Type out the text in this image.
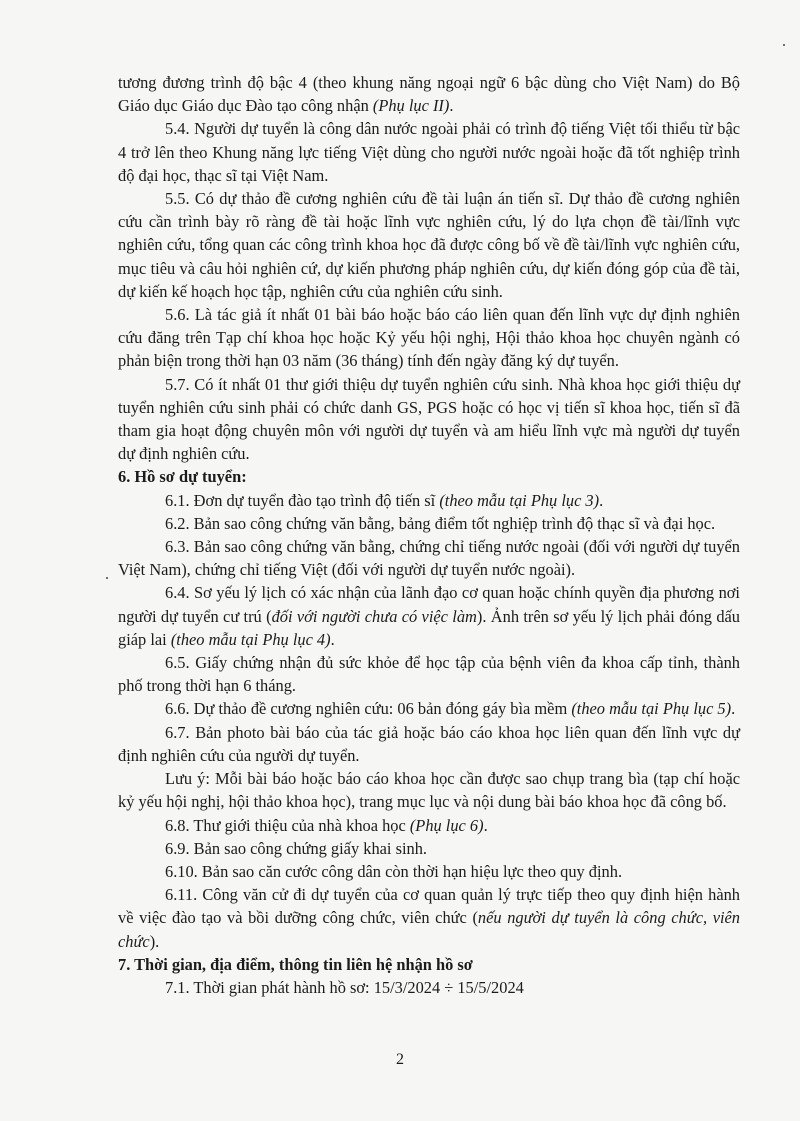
tương đương trình độ bậc 4 (theo khung năng ngoại ngữ 6 bậc dùng cho Việt Nam) do Bộ Giáo dục Giáo dục Đào tạo công nhận (Phụ lục II).

5.4. Người dự tuyển là công dân nước ngoài phải có trình độ tiếng Việt tối thiểu từ bậc 4 trở lên theo Khung năng lực tiếng Việt dùng cho người nước ngoài hoặc đã tốt nghiệp trình độ đại học, thạc sĩ tại Việt Nam.

5.5. Có dự thảo đề cương nghiên cứu đề tài luận án tiến sĩ. Dự thảo đề cương nghiên cứu cần trình bày rõ ràng đề tài hoặc lĩnh vực nghiên cứu, lý do lựa chọn đề tài/lĩnh vực nghiên cứu, tổng quan các công trình khoa học đã được công bố về đề tài/lĩnh vực nghiên cứu, mục tiêu và câu hỏi nghiên cứ, dự kiến phương pháp nghiên cứu, dự kiến đóng góp của đề tài, dự kiến kế hoạch học tập, nghiên cứu của nghiên cứu sinh.

5.6. Là tác giả ít nhất 01 bài báo hoặc báo cáo liên quan đến lĩnh vực dự định nghiên cứu đăng trên Tạp chí khoa học hoặc Kỷ yếu hội nghị, Hội thảo khoa học chuyên ngành có phản biện trong thời hạn 03 năm (36 tháng) tính đến ngày đăng ký dự tuyển.

5.7. Có ít nhất 01 thư giới thiệu dự tuyển nghiên cứu sinh. Nhà khoa học giới thiệu dự tuyển nghiên cứu sinh phải có chức danh GS, PGS hoặc có học vị tiến sĩ khoa học, tiến sĩ đã tham gia hoạt động chuyên môn với người dự tuyển và am hiểu lĩnh vực mà người dự tuyển dự định nghiên cứu.

6. Hồ sơ dự tuyển:

6.1. Đơn dự tuyển đào tạo trình độ tiến sĩ (theo mẫu tại Phụ lục 3).

6.2. Bản sao công chứng văn bằng, bảng điểm tốt nghiệp trình độ thạc sĩ và đại học.

6.3. Bản sao công chứng văn bằng, chứng chỉ tiếng nước ngoài (đối với người dự tuyển Việt Nam), chứng chỉ tiếng Việt (đối với người dự tuyển nước ngoài).

6.4. Sơ yếu lý lịch có xác nhận của lãnh đạo cơ quan hoặc chính quyền địa phương nơi người dự tuyển cư trú (đối với người chưa có việc làm). Ảnh trên sơ yếu lý lịch phải đóng dấu giáp lai (theo mẫu tại Phụ lục 4).

6.5. Giấy chứng nhận đủ sức khỏe để học tập của bệnh viên đa khoa cấp tỉnh, thành phố trong thời hạn 6 tháng.

6.6. Dự thảo đề cương nghiên cứu: 06 bản đóng gáy bìa mềm (theo mẫu tại Phụ lục 5).

6.7. Bản photo bài báo của tác giả hoặc báo cáo khoa học liên quan đến lĩnh vực dự định nghiên cứu của người dự tuyển.

Lưu ý: Mỗi bài báo hoặc báo cáo khoa học cần được sao chụp trang bìa (tạp chí hoặc kỷ yếu hội nghị, hội thảo khoa học), trang mục lục và nội dung bài báo khoa học đã công bố.

6.8. Thư giới thiệu của nhà khoa học (Phụ lục 6).

6.9. Bản sao công chứng giấy khai sinh.

6.10. Bản sao căn cước công dân còn thời hạn hiệu lực theo quy định.

6.11. Công văn cử đi dự tuyển của cơ quan quản lý trực tiếp theo quy định hiện hành về việc đào tạo và bồi dưỡng công chức, viên chức (nếu người dự tuyển là công chức, viên chức).

7. Thời gian, địa điểm, thông tin liên hệ nhận hồ sơ

7.1. Thời gian phát hành hồ sơ: 15/3/2024 ÷ 15/5/2024

2
